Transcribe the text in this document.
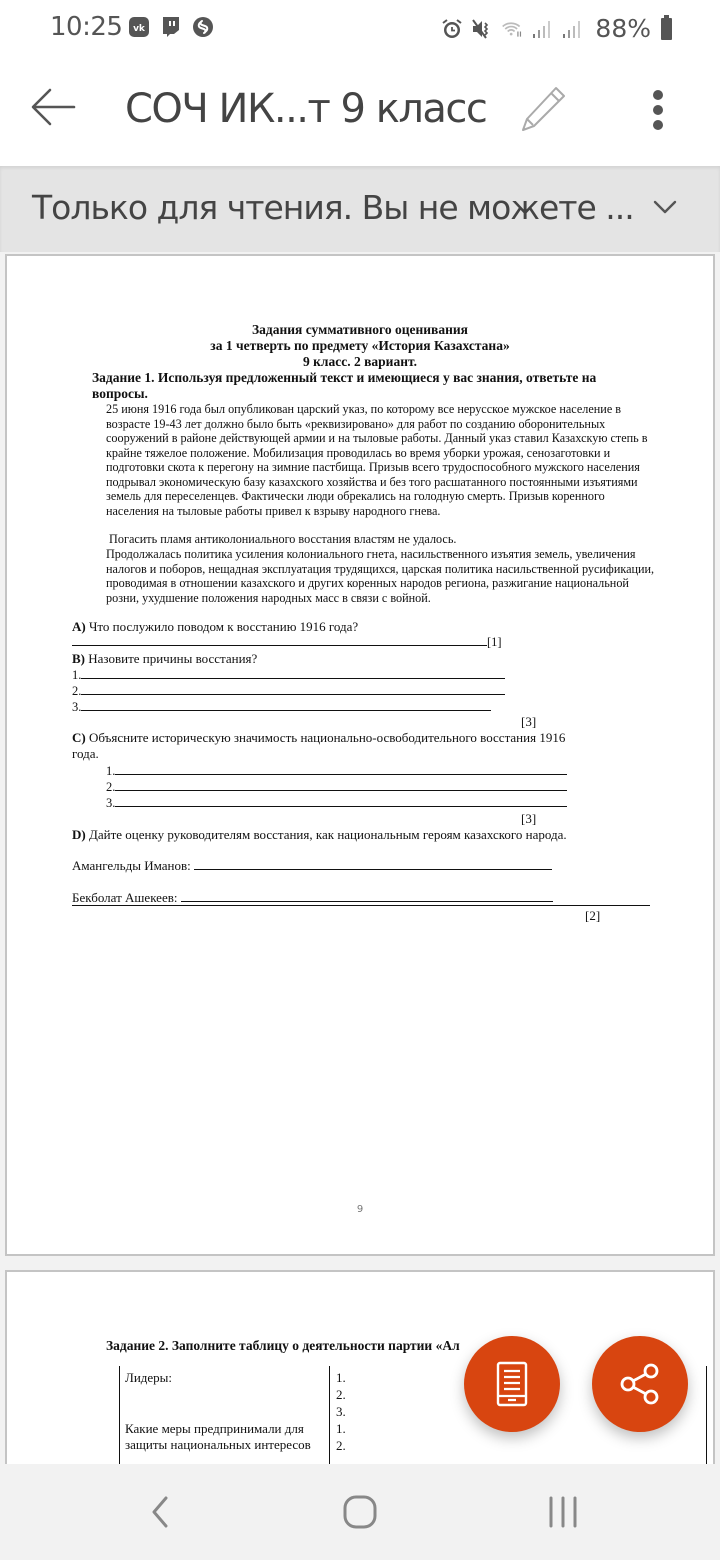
10:25 vk	88%
СОЧ ИК...т 9 класс
Только для чтения. Вы не можете ...
Задания суммативного оценивания
за 1 четверть по предмету «История Казахстана»
9 класс. 2 вариант.
Задание 1. Используя предложенный текст и имеющиеся у вас знания, ответьте на вопросы.
25 июня 1916 года был опубликован царский указ, по которому все нерусское мужское население в возрасте 19-43 лет должно было быть «реквизировано» для работ по созданию оборонительных сооружений в районе действующей армии и на тыловые работы. Данный указ ставил Казахскую степь в крайне тяжелое положение. Мобилизация проводилась во время уборки урожая, сенозаготовки и подготовки скота к перегону на зимние пастбища. Призыв всего трудоспособного мужского населения подрывал экономическую базу казахского хозяйства и без того расшатанного постоянными изъятиями земель для переселенцев. Фактически люди обрекались на голодную смерть. Призыв коренного населения на тыловые работы привел к взрыву народного гнева.
Погасить пламя антиколониального восстания властям не удалось.
Продолжалась политика усиления колониального гнета, насильственного изъятия земель, увеличения налогов и поборов, нещадная эксплуатация трудящихся, царская политика насильственной русификации, проводимая в отношении казахского и других коренных народов региона, разжигание национальной розни, ухудшение положения народных масс в связи с войной.
А) Что послужило поводом к восстанию 1916 года?
[1]
В) Назовите причины восстания?
1.
2.
3.
[3]
С) Объясните историческую значимость национально-освободительного восстания 1916
года.
1.
2.
3.
[3]
D) Дайте оценку руководителям восстания, как национальным героям казахского народа.
Амангельды Иманов:
Бекболат Ашекеев:
[2]
9
Задание 2. Заполните таблицу о деятельности партии «Ал
Лидеры:	1.
2.
3.
Какие меры предпринимали для защиты национальных интересов
1.
2.
